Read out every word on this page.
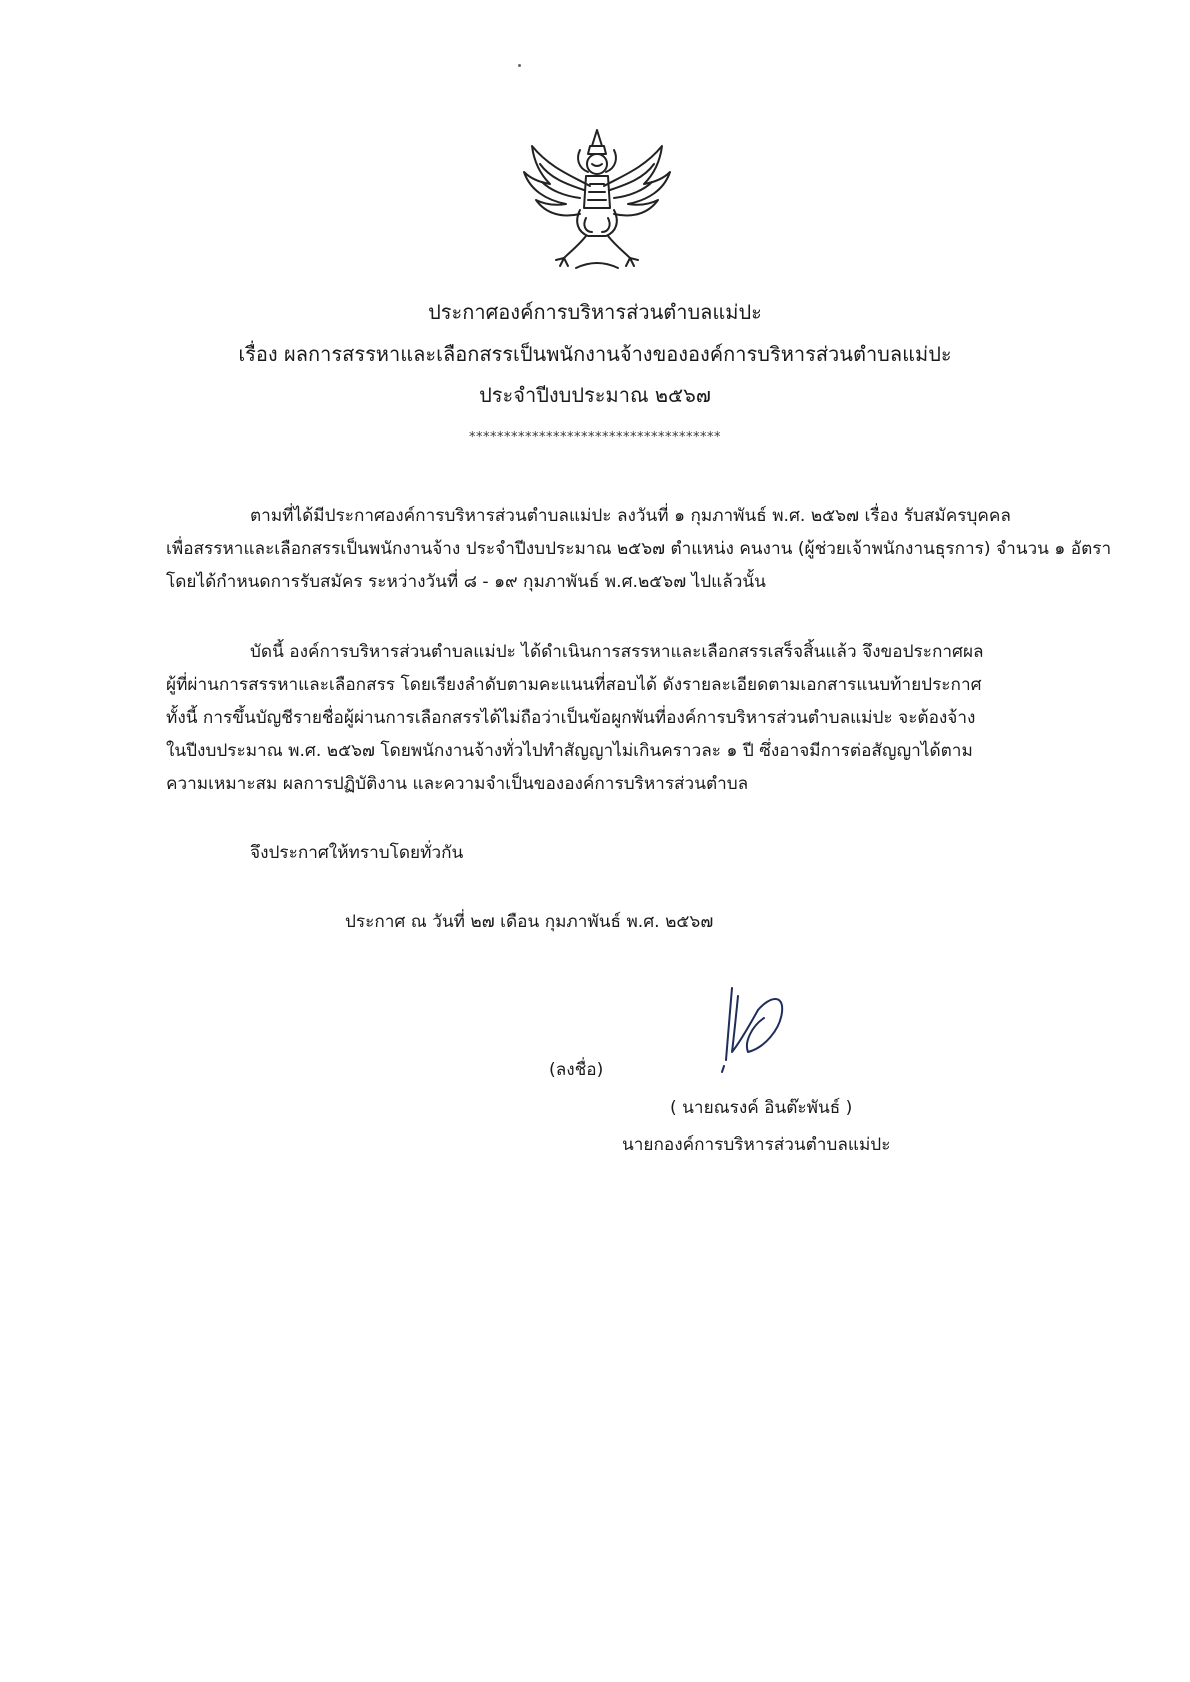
ประกาศองค์การบริหารส่วนตำบลแม่ปะ
เรื่อง ผลการสรรหาและเลือกสรรเป็นพนักงานจ้างขององค์การบริหารส่วนตำบลแม่ปะ
ประจำปีงบประมาณ ๒๕๖๗
************************************
ตามที่ได้มีประกาศองค์การบริหารส่วนตำบลแม่ปะ ลงวันที่ ๑ กุมภาพันธ์ พ.ศ. ๒๕๖๗ เรื่อง รับสมัครบุคคล
เพื่อสรรหาและเลือกสรรเป็นพนักงานจ้าง ประจำปีงบประมาณ ๒๕๖๗ ตำแหน่ง คนงาน (ผู้ช่วยเจ้าพนักงานธุรการ) จำนวน ๑ อัตรา
โดยได้กำหนดการรับสมัคร ระหว่างวันที่ ๘ - ๑๙ กุมภาพันธ์ พ.ศ.๒๕๖๗ ไปแล้วนั้น
บัดนี้ องค์การบริหารส่วนตำบลแม่ปะ ได้ดำเนินการสรรหาและเลือกสรรเสร็จสิ้นแล้ว จึงขอประกาศผล
ผู้ที่ผ่านการสรรหาและเลือกสรร โดยเรียงลำดับตามคะแนนที่สอบได้ ดังรายละเอียดตามเอกสารแนบท้ายประกาศ
ทั้งนี้ การขึ้นบัญชีรายชื่อผู้ผ่านการเลือกสรรได้ไม่ถือว่าเป็นข้อผูกพันที่องค์การบริหารส่วนตำบลแม่ปะ จะต้องจ้าง
ในปีงบประมาณ พ.ศ. ๒๕๖๗ โดยพนักงานจ้างทั่วไปทำสัญญาไม่เกินคราวละ ๑ ปี ซึ่งอาจมีการต่อสัญญาได้ตาม
ความเหมาะสม ผลการปฏิบัติงาน และความจำเป็นขององค์การบริหารส่วนตำบล
จึงประกาศให้ทราบโดยทั่วกัน
ประกาศ ณ วันที่ ๒๗ เดือน กุมภาพันธ์ พ.ศ. ๒๕๖๗
(ลงชื่อ)
( นายณรงค์ อินต๊ะพันธ์ )
นายกองค์การบริหารส่วนตำบลแม่ปะ
